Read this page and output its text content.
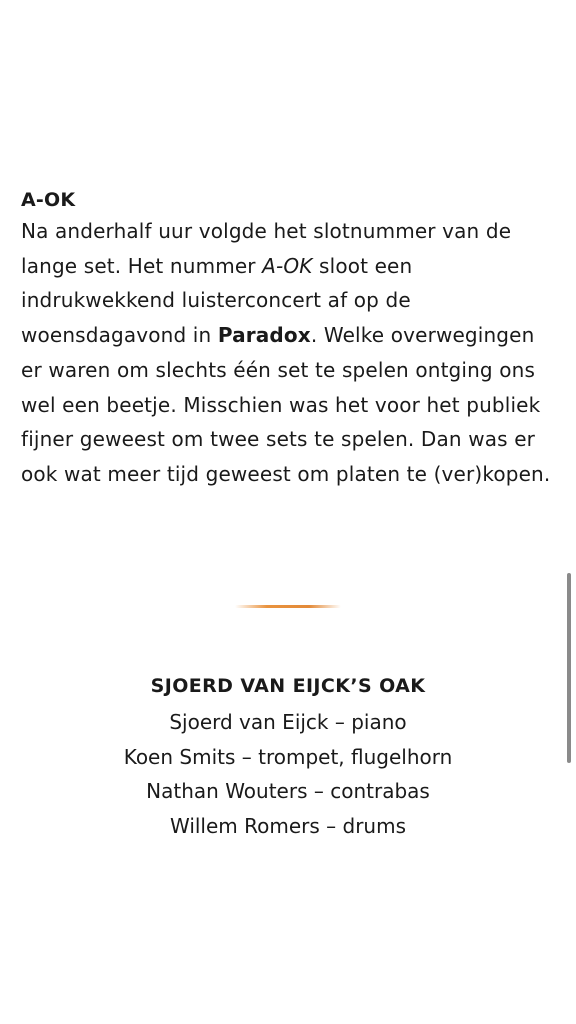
A-OK

Na anderhalf uur volgde het slotnummer van de lange set. Het nummer A-OK sloot een indrukwekkend luisterconcert af op de woensdagavond in Paradox. Welke overwegingen er waren om slechts één set te spelen ontging ons wel een beetje. Misschien was het voor het publiek fijner geweest om twee sets te spelen. Dan was er ook wat meer tijd geweest om platen te (ver)kopen.

SJOERD VAN EIJCK’S OAK

Sjoerd van Eijck – piano

Koen Smits – trompet, flugelhorn

Nathan Wouters – contrabas

Willem Romers – drums
